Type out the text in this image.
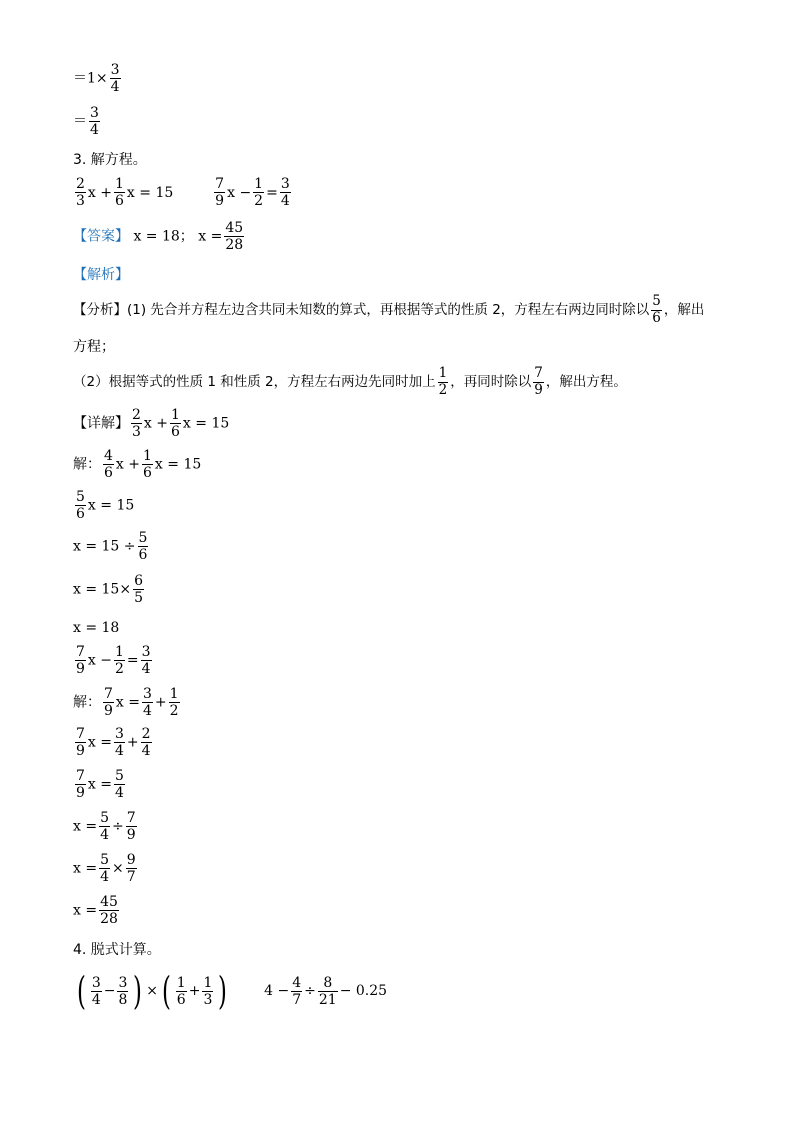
$=1\times \frac{3}{4}$
＝ $\frac{3}{4}$
3. 解方程。
$\frac{2}{3}$ $x + \frac{1}{6}$ x = 15	$\frac{7}{9}$ $x - \frac{1}{2} = \frac{3}{4}$
【答案】 x = 18； $x = \frac{45}{28}$
【解析】
【分析】(1) 先合并方程左边含共同未知数的算式，再根据等式的性质 2，方程左右两边同时除以 $\frac{5}{6}$ ，解出
方程；
（2）根据等式的性质 1 和性质 2，方程左右两边先同时加上 $\frac{1}{2}$ ，再同时除以 $\frac{7}{9}$ ，解出方程。
【详解】 $\frac{2}{3}$ $x + \frac{1}{6}$ x = 15
解： $\frac{4}{6}$ $x + \frac{1}{6}$ x = 15
$\frac{5}{6}$ x = 15
$x = 15 \div \frac{5}{6}$
$x = 15\times \frac{6}{5}$
x = 18
$\frac{7}{9}$ $x - \frac{1}{2} = \frac{3}{4}$
解： $\frac{7}{9}$ $x = \frac{3}{4} + \frac{1}{2}$
$\frac{7}{9}$ $x = \frac{3}{4} + \frac{2}{4}$
$\frac{7}{9}$ $x = \frac{5}{4}$
$x = \frac{5}{4} \div \frac{7}{9}$
$x = \frac{5}{4} \times \frac{9}{7}$
$x = \frac{45}{28}$
4. 脱式计算。
( $\frac{3}{4} - \frac{3}{8}$ ) × ( $\frac{1}{6} + \frac{1}{3}$ )	$4 - \frac{4}{7} \div \frac{8}{21} - 0.25$
